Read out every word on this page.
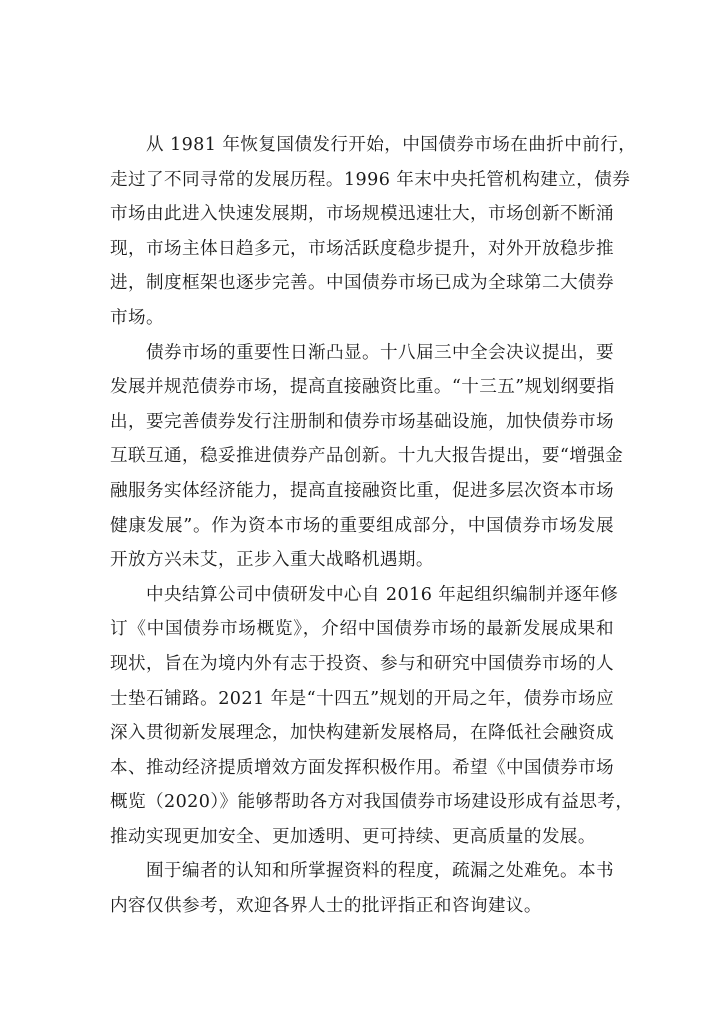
从 1981 年恢复国债发行开始，中国债券市场在曲折中前行，
走过了不同寻常的发展历程。1996 年末中央托管机构建立，债券
市场由此进入快速发展期，市场规模迅速壮大，市场创新不断涌
现，市场主体日趋多元，市场活跃度稳步提升，对外开放稳步推
进，制度框架也逐步完善。中国债券市场已成为全球第二大债券
市场。
债券市场的重要性日渐凸显。十八届三中全会决议提出，要
发展并规范债券市场，提高直接融资比重。“十三五”规划纲要指
出，要完善债券发行注册制和债券市场基础设施，加快债券市场
互联互通，稳妥推进债券产品创新。十九大报告提出，要“增强金
融服务实体经济能力，提高直接融资比重，促进多层次资本市场
健康发展”。作为资本市场的重要组成部分，中国债券市场发展
开放方兴未艾，正步入重大战略机遇期。
中央结算公司中债研发中心自 2016 年起组织编制并逐年修
订《中国债券市场概览》，介绍中国债券市场的最新发展成果和
现状，旨在为境内外有志于投资、参与和研究中国债券市场的人
士垫石铺路。2021 年是“十四五”规划的开局之年，债券市场应
深入贯彻新发展理念，加快构建新发展格局，在降低社会融资成
本、推动经济提质增效方面发挥积极作用。希望《中国债券市场
概览（2020）》能够帮助各方对我国债券市场建设形成有益思考，
推动实现更加安全、更加透明、更可持续、更高质量的发展。
囿于编者的认知和所掌握资料的程度，疏漏之处难免。本书
内容仅供参考，欢迎各界人士的批评指正和咨询建议。
